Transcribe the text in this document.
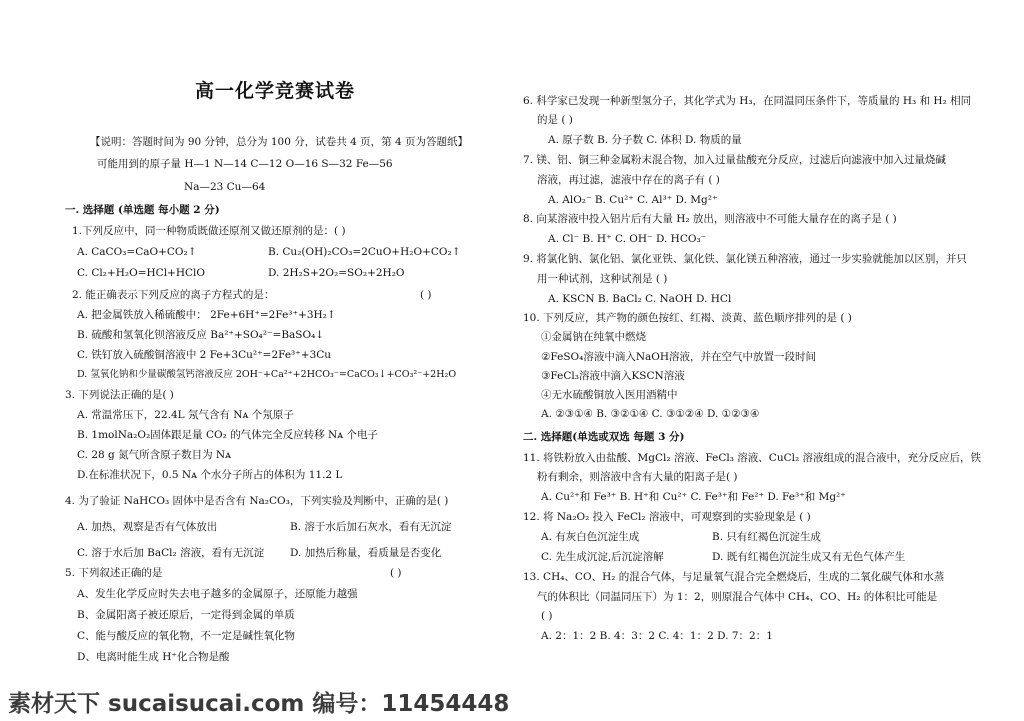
高一化学竞赛试卷
【说明：答题时间为 90 分钟，总分为 100 分，试卷共 4 页，第 4 页为答题纸】
可能用到的原子量 H—1 N—14 C—12 O—16 S—32 Fe—56
Na—23 Cu—64
一. 选择题 (单选题 每小题 2 分)
1.下列反应中，同一种物质既做还原剂又做还原剂的是：( )
A. CaCO₃=CaO+CO₂↑	B. Cu₂(OH)₂CO₃=2CuO+H₂O+CO₂↑
C. Cl₂+H₂O=HCl+HClO	D. 2H₂S+2O₂=SO₂+2H₂O
2. 能正确表示下列反应的离子方程式的是：	( )
A. 把金属铁放入稀硫酸中： 2Fe+6H⁺=2Fe³⁺+3H₂↑
B. 硫酸和氢氧化钡溶液反应 Ba²⁺+SO₄²⁻=BaSO₄↓
C. 铁钉放入硫酸铜溶液中 2 Fe+3Cu²⁺=2Fe³⁺+3Cu
D. 氢氧化钠和少量碳酸氢钙溶液反应 2OH⁻+Ca²⁺+2HCO₃⁻=CaCO₃↓+CO₃²⁻+2H₂O
3. 下列说法正确的是( )
A. 常温常压下，22.4L 氖气含有 Nᴀ 个氖原子
B. 1molNa₂O₂固体跟足量 CO₂ 的气体完全反应转移 Nᴀ 个电子
C. 28 g 氮气所含原子数目为 Nᴀ
D.在标准状况下，0.5 Nᴀ 个水分子所占的体积为 11.2 L
4. 为了验证 NaHCO₃ 固体中是否含有 Na₂CO₃，下列实验及判断中，正确的是( )
A. 加热，观察是否有气体放出	B. 溶于水后加石灰水，看有无沉淀
C. 溶于水后加 BaCl₂ 溶液，看有无沉淀 D. 加热后称量，看质量是否变化
5. 下列叙述正确的是	( )
A、发生化学反应时失去电子越多的金属原子，还原能力越强
B、金属阳离子被还原后，一定得到金属的单质
C、能与酸反应的氧化物，不一定是碱性氧化物
D、电离时能生成 H⁺化合物是酸
6. 科学家已发现一种新型氢分子，其化学式为 H₃，在同温同压条件下，等质量的 H₃ 和 H₂ 相同
的是 ( )
A. 原子数 B. 分子数 C. 体积 D. 物质的量
7. 镁、铝、铜三种金属粉末混合物，加入过量盐酸充分反应，过滤后向滤液中加入过量烧碱
溶液，再过滤，滤液中存在的离子有 ( )
A. AlO₂⁻ B. Cu²⁺ C. Al³⁺ D. Mg²⁺
8. 向某溶液中投入铝片后有大量 H₂ 放出，则溶液中不可能大量存在的离子是 ( )
A. Cl⁻ B. H⁺ C. OH⁻ D. HCO₃⁻
9. 将氯化钠、氯化铝、氯化亚铁、氯化铁、氯化镁五种溶液，通过一步实验就能加以区别，并只
用一种试剂，这种试剂是 ( )
A. KSCN B. BaCl₂ C. NaOH D. HCl
10. 下列反应，其产物的颜色按红、红褐、淡黄、蓝色顺序排列的是 ( )
①金属钠在纯氧中燃烧
②FeSO₄溶液中滴入NaOH溶液，并在空气中放置一段时间
③FeCl₃溶液中滴入KSCN溶液
④无水硫酸铜放入医用酒精中
A. ②③①④ B. ③②①④ C. ③①②④ D. ①②③④
二. 选择题(单选或双选 每题 3 分)
11. 将铁粉放入由盐酸、MgCl₂ 溶液、FeCl₃ 溶液、CuCl₂ 溶液组成的混合液中，充分反应后，铁
粉有剩余，则溶液中含有大量的阳离子是( )
A. Cu²⁺和 Fe³⁺ B. H⁺和 Cu²⁺ C. Fe³⁺和 Fe²⁺ D. Fe³⁺和 Mg²⁺
12. 将 Na₂O₂ 投入 FeCl₂ 溶液中，可观察到的实验现象是 ( )
A. 有灰白色沉淀生成	B. 只有红褐色沉淀生成
C. 先生成沉淀,后沉淀溶解	D. 既有红褐色沉淀生成又有无色气体产生
13. CH₄、CO、H₂ 的混合气体，与足量氧气混合完全燃烧后，生成的二氧化碳气体和水蒸
气的体积比（同温同压下）为 1：2，则原混合气体中 CH₄、CO、H₂ 的体积比可能是
( )
A. 2：1：2 B. 4：3：2 C. 4：1：2 D. 7：2：1
素材天下 sucaisucai.com 编号：11454448
